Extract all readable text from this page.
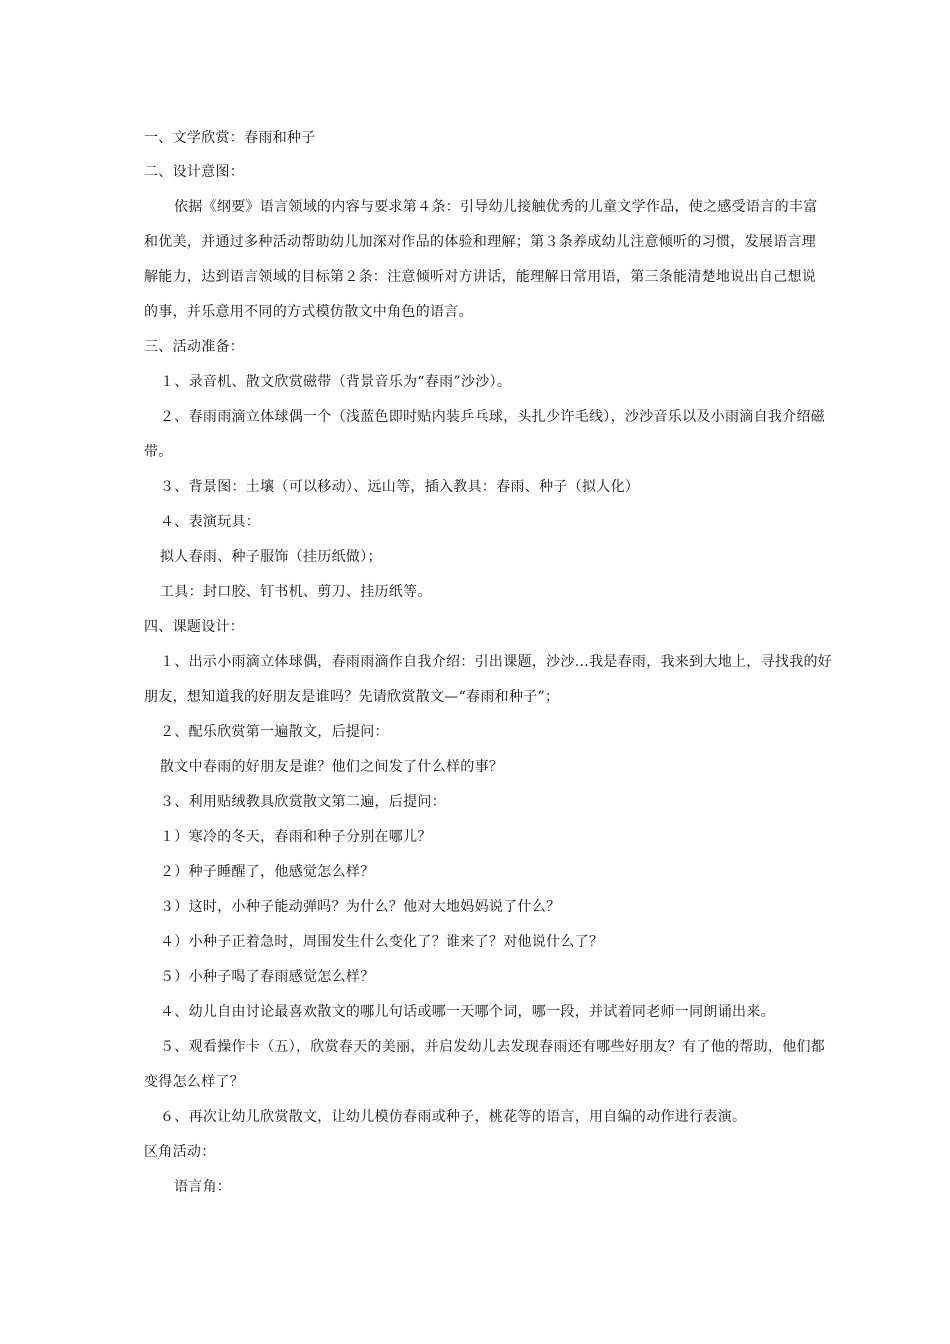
一、文学欣赏：春雨和种子
二、设计意图：
依据《纲要》语言领域的内容与要求第４条：引导幼儿接触优秀的儿童文学作品，使之感受语言的丰富
和优美，并通过多种活动帮助幼儿加深对作品的体验和理解；第３条养成幼儿注意倾听的习惯，发展语言理
解能力，达到语言领域的目标第２条：注意倾听对方讲话，能理解日常用语，第三条能清楚地说出自己想说
的事，并乐意用不同的方式模仿散文中角色的语言。
三、活动准备：
１、录音机、散文欣赏磁带（背景音乐为“春雨”沙沙）。
２、春雨雨滴立体球偶一个（浅蓝色即时贴内装乒乓球，头扎少许毛线），沙沙音乐以及小雨滴自我介绍磁
带。
３、背景图：土壤（可以移动）、远山等，插入教具：春雨、种子（拟人化）
４、表演玩具：
拟人春雨、种子服饰（挂历纸做）；
工具：封口胶、钉书机、剪刀、挂历纸等。
四、课题设计：
１、出示小雨滴立体球偶，春雨雨滴作自我介绍：引出课题，沙沙…我是春雨，我来到大地上，寻找我的好
朋友，想知道我的好朋友是谁吗？先请欣赏散文—“春雨和种子”；
２、配乐欣赏第一遍散文，后提问：
散文中春雨的好朋友是谁？他们之间发了什么样的事？
３、利用贴绒教具欣赏散文第二遍，后提问：
１）寒冷的冬天，春雨和种子分别在哪儿？
２）种子睡醒了，他感觉怎么样？
３）这时，小种子能动弹吗？为什么？他对大地妈妈说了什么？
４）小种子正着急时，周围发生什么变化了？谁来了？对他说什么了？
５）小种子喝了春雨感觉怎么样？
４、幼儿自由讨论最喜欢散文的哪儿句话或哪一天哪个词，哪一段，并试着同老师一同朗诵出来。
５、观看操作卡（五），欣赏春天的美丽，并启发幼儿去发现春雨还有哪些好朋友？有了他的帮助，他们都
变得怎么样了？
６、再次让幼儿欣赏散文，让幼儿模仿春雨或种子，桃花等的语言，用自编的动作进行表演。
区角活动：
语言角：
